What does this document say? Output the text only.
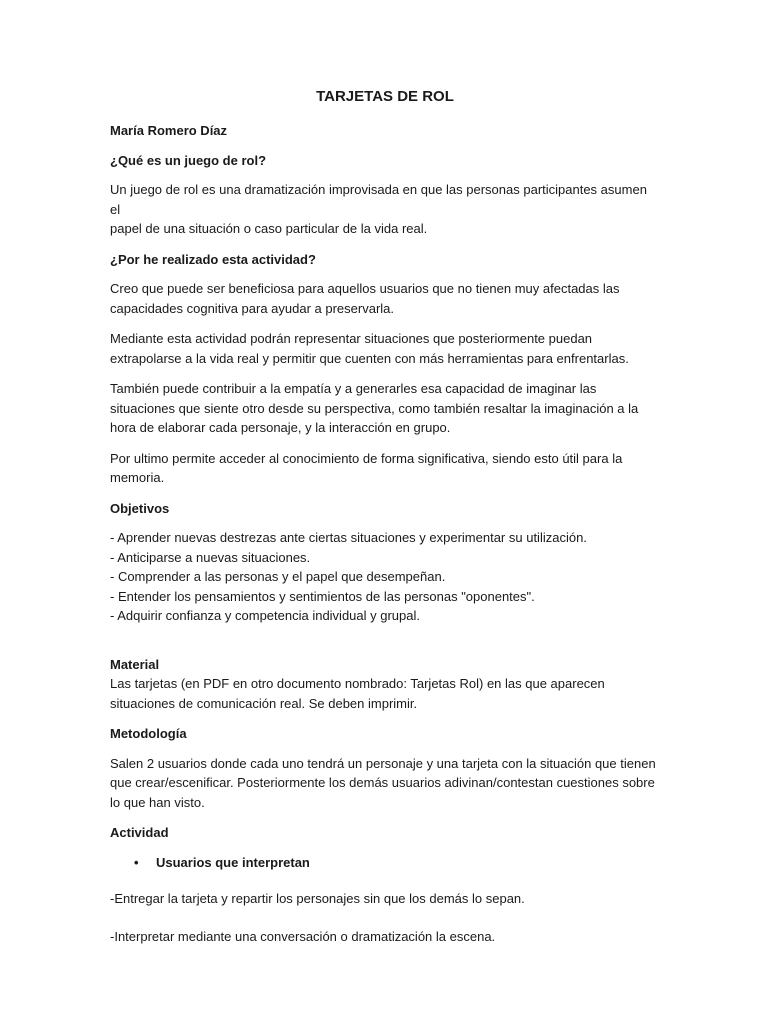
TARJETAS DE ROL
María Romero Díaz
¿Qué es un juego de rol?
Un juego de rol es una dramatización improvisada en que las personas participantes asumen el
papel de una situación o caso particular de la vida real.
¿Por he realizado esta actividad?
Creo que puede ser beneficiosa para aquellos usuarios que no tienen muy afectadas las
capacidades cognitiva para ayudar a preservarla.
Mediante esta actividad podrán representar situaciones que posteriormente puedan
extrapolarse a la vida real y permitir que cuenten con más herramientas para enfrentarlas.
También puede contribuir a la empatía y a generarles esa capacidad de imaginar las
situaciones que siente otro desde su perspectiva, como también resaltar la imaginación a la
hora de elaborar cada personaje, y la interacción en grupo.
Por ultimo permite acceder al conocimiento de forma significativa, siendo esto útil para la
memoria.
Objetivos
- Aprender nuevas destrezas ante ciertas situaciones y experimentar su utilización.
- Anticiparse a nuevas situaciones.
- Comprender a las personas y el papel que desempeñan.
- Entender los pensamientos y sentimientos de las personas "oponentes".
- Adquirir confianza y competencia individual y grupal.
Material
Las tarjetas (en PDF en otro documento nombrado: Tarjetas Rol) en las que aparecen
situaciones de comunicación real. Se deben imprimir.
Metodología
Salen 2 usuarios donde cada uno tendrá un personaje y una tarjeta con la situación que tienen
que crear/escenificar. Posteriormente los demás usuarios adivinan/contestan cuestiones sobre
lo que han visto.
Actividad
• Usuarios que interpretan
-Entregar la tarjeta y repartir los personajes sin que los demás lo sepan.
-Interpretar mediante una conversación o dramatización la escena.
